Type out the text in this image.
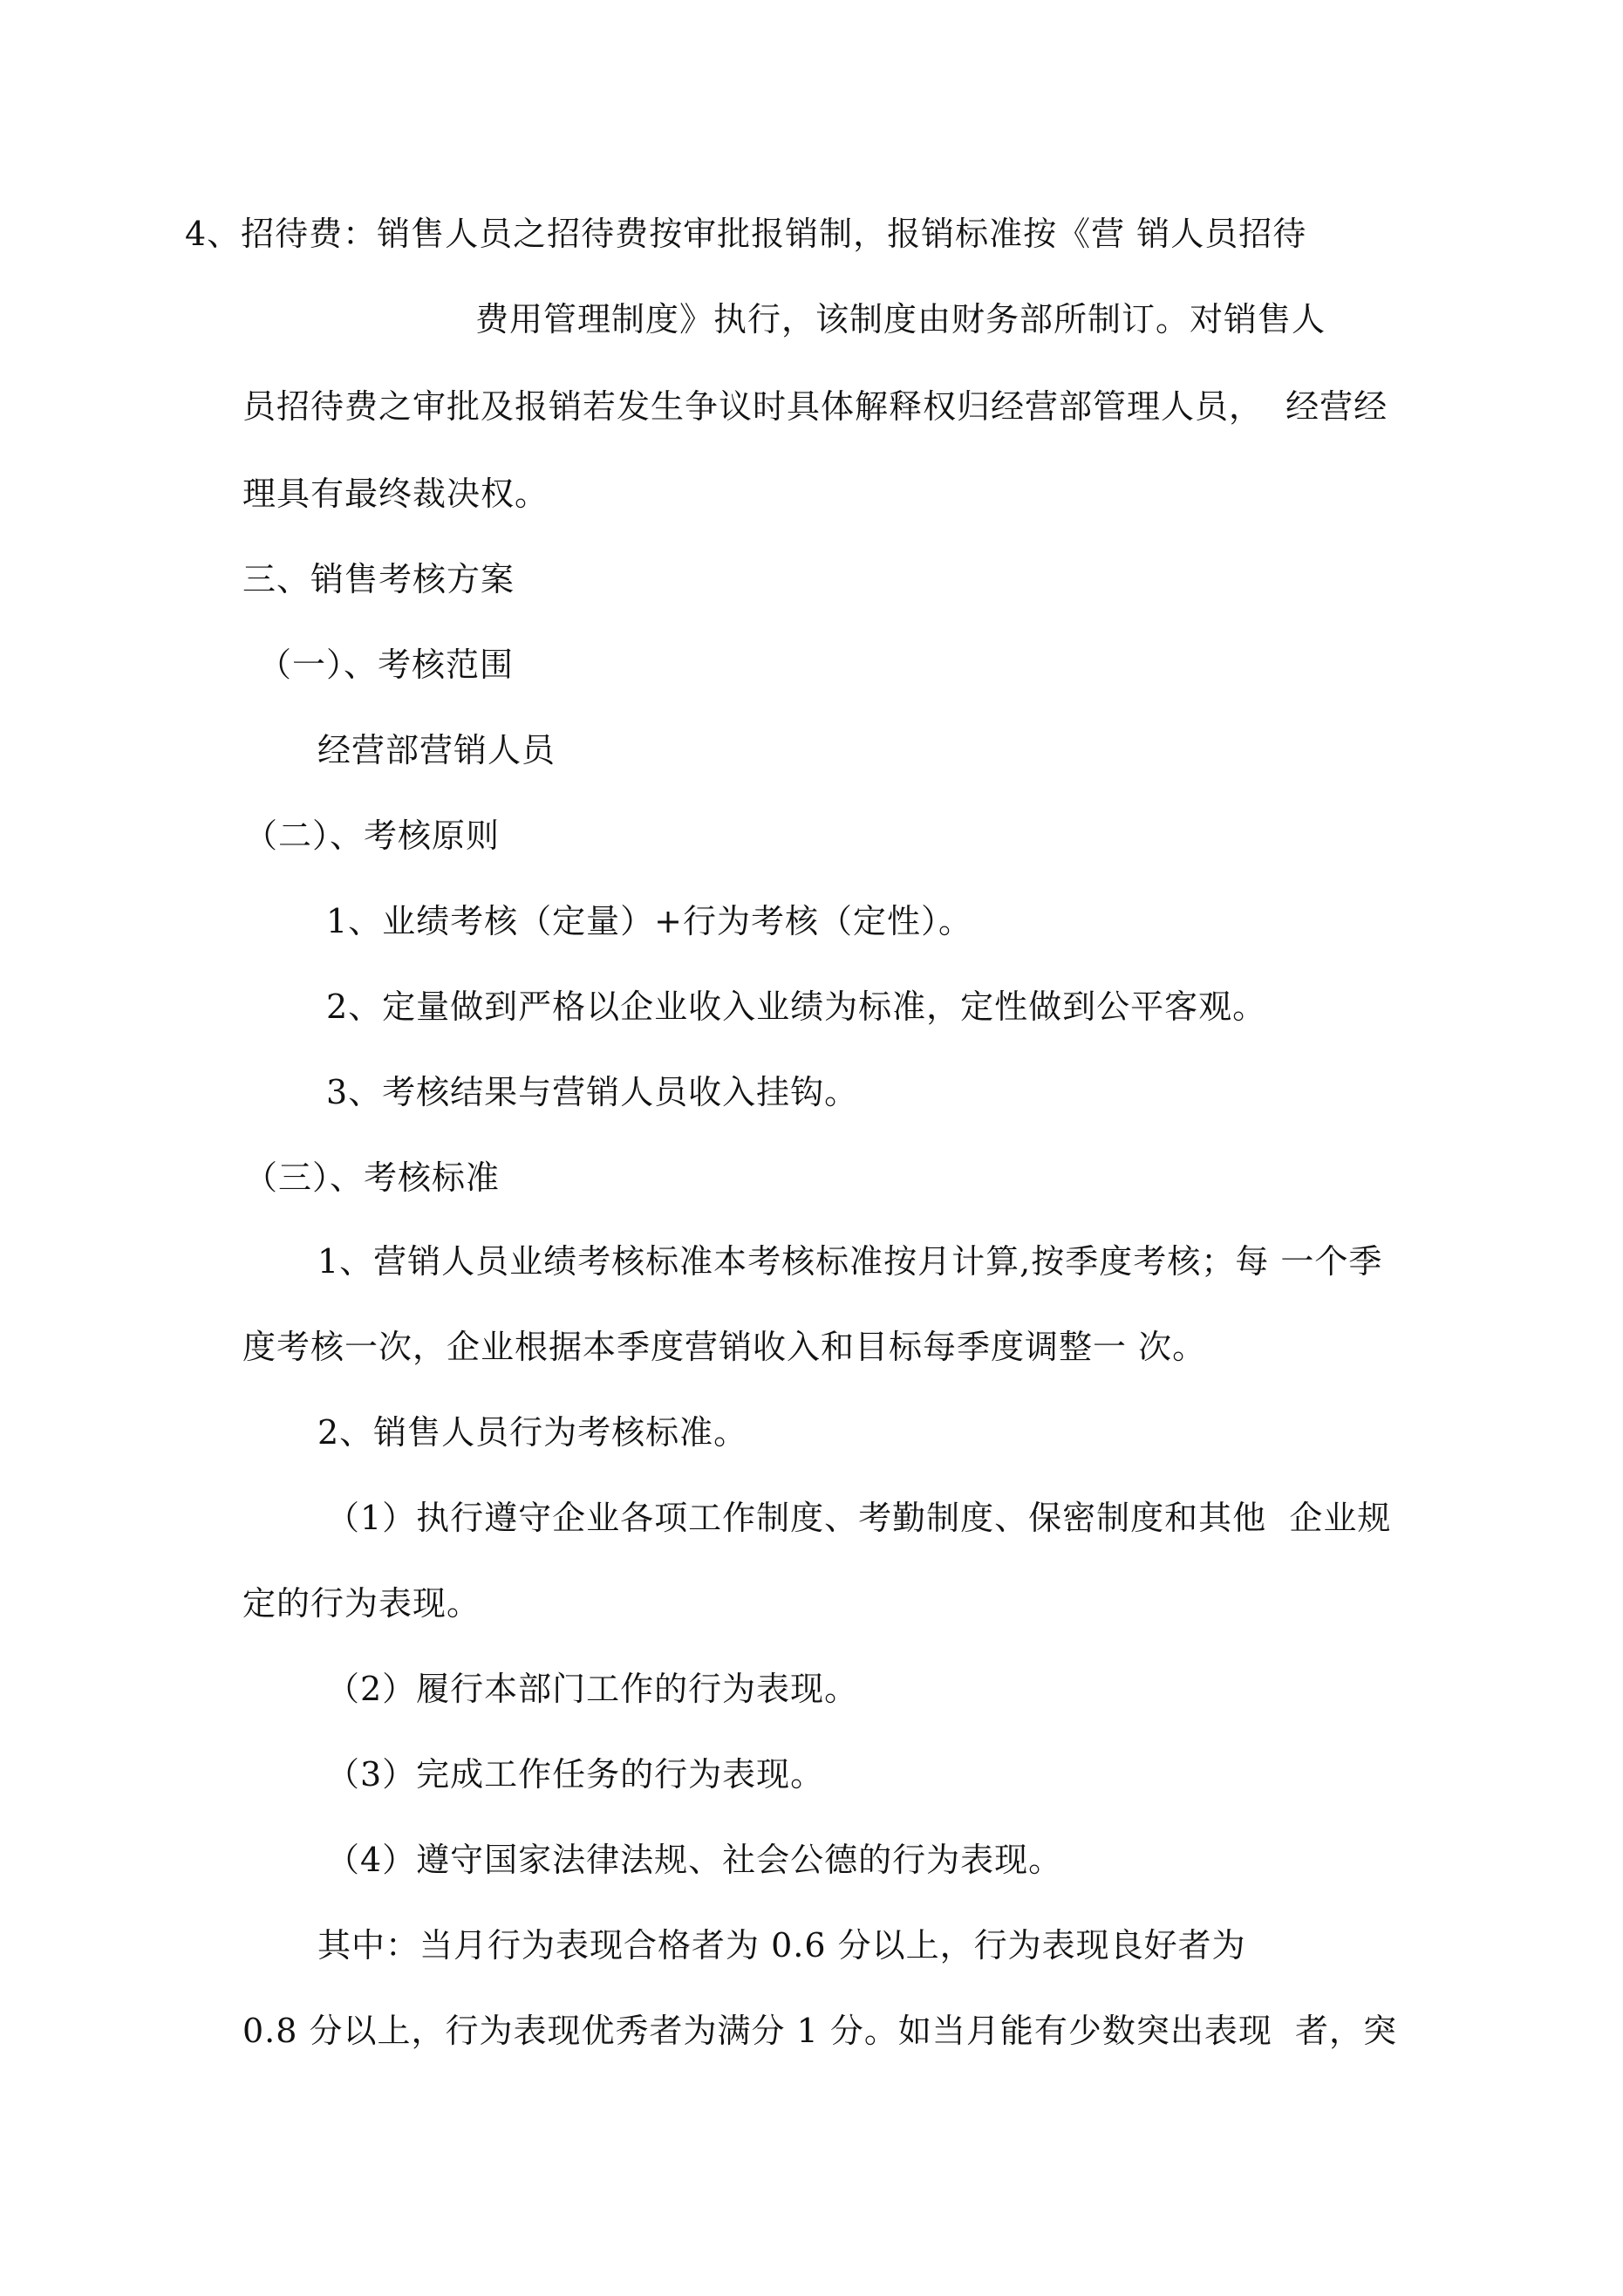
4、招待费：销售人员之招待费按审批报销制，报销标准按《营 销人员招待
费用管理制度》执行，该制度由财务部所制订。对销售人
员招待费之审批及报销若发生争议时具体解释权归经营部管理人员，  经营经
理具有最终裁决权。
三、销售考核方案
（一）、考核范围
经营部营销人员
（二）、考核原则
1、业绩考核（定量）+行为考核（定性）。
2、定量做到严格以企业收入业绩为标准，定性做到公平客观。
3、考核结果与营销人员收入挂钩。
（三）、考核标准
1、营销人员业绩考核标准本考核标准按月计算,按季度考核；每 一个季
度考核一次，企业根据本季度营销收入和目标每季度调整一 次。
2、销售人员行为考核标准。
（1）执行遵守企业各项工作制度、考勤制度、保密制度和其他  企业规
定的行为表现。
（2）履行本部门工作的行为表现。
（3）完成工作任务的行为表现。
（4）遵守国家法律法规、社会公德的行为表现。
其中：当月行为表现合格者为 0.6 分以上，行为表现良好者为
0.8 分以上，行为表现优秀者为满分 1 分。如当月能有少数突出表现  者，突
